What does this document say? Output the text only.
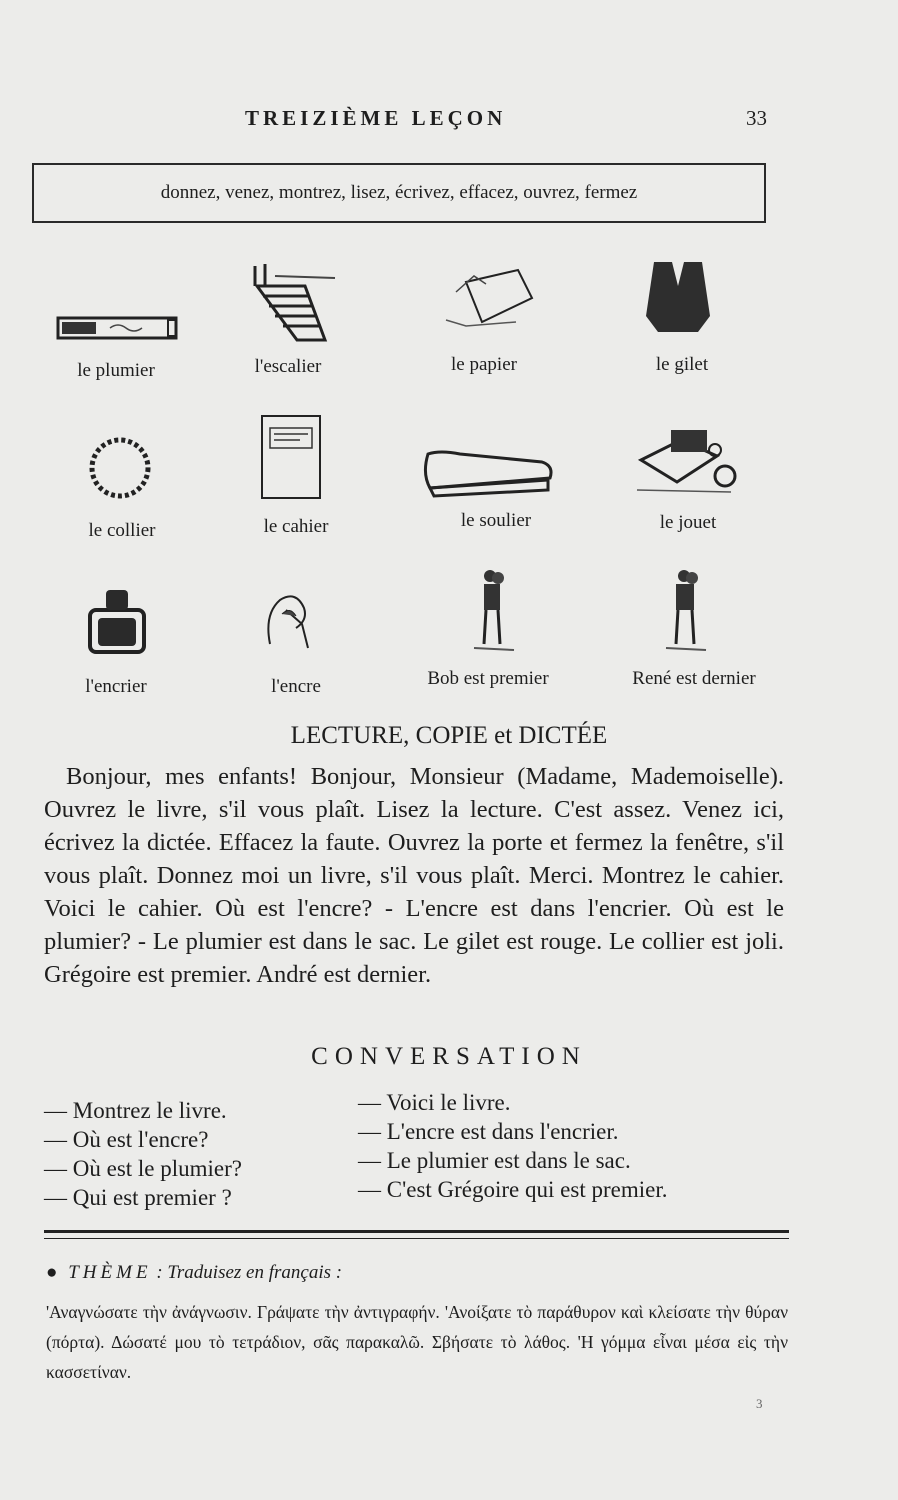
TREIZIÈME LEÇON	33
donnez, venez, montrez, lisez, écrivez, effacez, ouvrez, fermez
le plumier	l'escalier	le papier	le gilet
le collier	le cahier	le soulier	le jouet
l'encrier	l'encre	Bob est premier	René est dernier
LECTURE, COPIE et DICTÉE

Bonjour, mes enfants! Bonjour, Monsieur (Madame, Mademoiselle). Ouvrez le livre, s'il vous plaît. Lisez la lecture. C'est assez. Venez ici, écrivez la dictée. Effacez la faute. Ouvrez la porte et fermez la fenêtre, s'il vous plaît. Donnez moi un livre, s'il vous plaît. Merci. Montrez le cahier. Voici le cahier. Où est l'encre? - L'encre est dans l'encrier. Où est le plumier? - Le plumier est dans le sac. Le gilet est rouge. Le collier est joli. Grégoire est premier. André est dernier.

CONVERSATION
— Montrez le livre.
— Où est l'encre?
— Où est le plumier?
— Qui est premier ?
— Voici le livre.
— L'encre est dans l'encrier.
— Le plumier est dans le sac.
— C'est Grégoire qui est premier.
● THÈME : Traduisez en français :
'Αναγνώσατε τὴν ἀνάγνωσιν. Γράψατε τὴν ἀντιγραφήν. 'Ανοίξατε τὸ παράθυρον καὶ κλείσατε τὴν θύραν (πόρτα). Δώσατέ μου τὸ τετράδιον, σᾶς παρακαλῶ. Σβήσατε τὸ λάθος. 'Η γόμμα εἶναι μέσα εἰς τὴν κασσετίναν.
3
